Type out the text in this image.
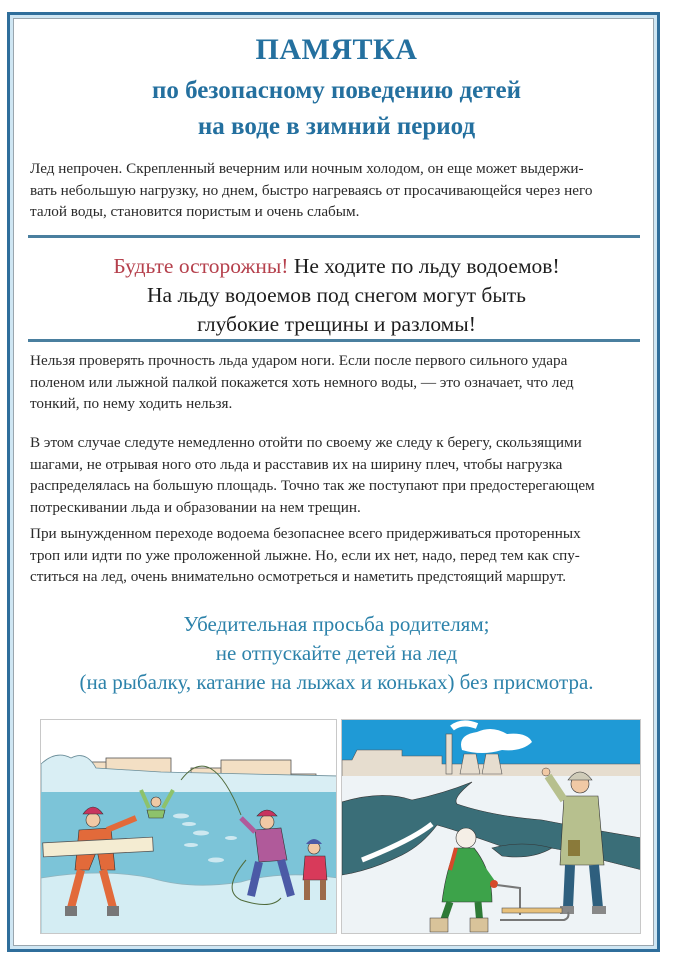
ПАМЯТКА
по безопасному поведению детей
на воде в зимний период
Лед непрочен. Скрепленный вечерним или ночным холодом, он еще может выдержи-
вать небольшую нагрузку, но днем, быстро нагреваясь от просачивающейся через него
талой воды, становится пористым и очень слабым.
Будьте осторожны! Не ходите по льду водоемов!
На льду водоемов под снегом могут быть
глубокие трещины и разломы!
Нельзя проверять прочность льда ударом ноги. Если после первого сильного удара
поленом или лыжной палкой покажется хоть немного воды, — это означает, что лед
тонкий, по нему ходить нельзя.
В этом случае следуте немедленно отойти по своему же следу к берегу, скользящими
шагами, не отрывая ного ото льда и расставив их на ширину плеч, чтобы нагрузка
распределялась на большую площадь. Точно так же поступают при предостерегающем
потрескивании льда и образовании на нем трещин.
При вынужденном переходе водоема безопаснее всего придерживаться проторенных
троп или идти по уже проложенной лыжне. Но, если их нет, надо, перед тем как спу-
ститься на лед, очень внимательно осмотреться и наметить предстоящий маршрут.
Убедительная просьба родителям;
не отпускайте детей на лед
(на рыбалку, катание на лыжах и коньках) без присмотра.
